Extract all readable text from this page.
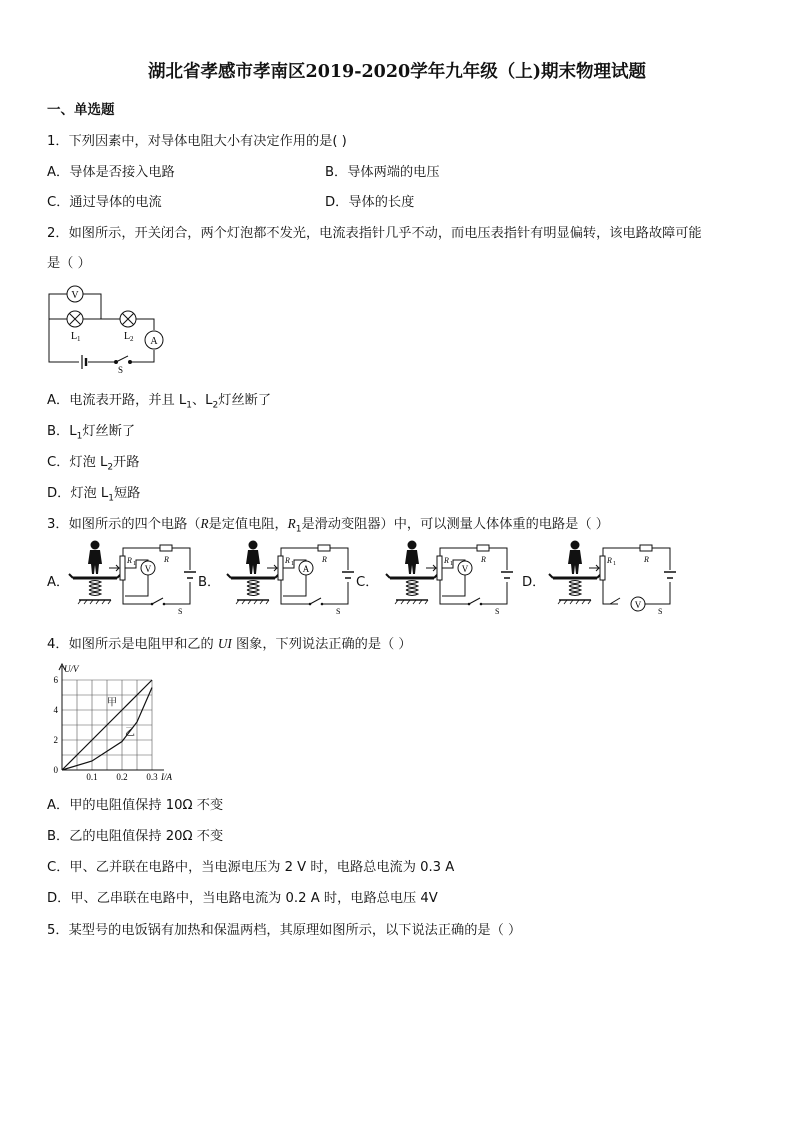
湖北省孝感市孝南区2019-2020学年九年级（上)期末物理试题
一、单选题
1．下列因素中，对导体电阻大小有决定作用的是( )
A．导体是否接入电路	B．导体两端的电压
C．通过导体的电流	D．导体的长度
2．如图所示，开关闭合，两个灯泡都不发光，电流表指针几乎不动，而电压表指针有明显偏转，该电路故障可能
是（ ）
V
A
L 1	L 2
S
A．电流表开路，并且 $L_1$、$L_2$灯丝断了
B．$L_1$灯丝断了
C．灯泡 $L_2$开路
D．灯泡 $L_1$短路
3．如图所示的四个电路（R是定值电阻，$R_1$是滑动变阻器）中，可以测量人体体重的电路是（ ）
A．	B．	C．	D．
V
R 1	R
S
A
R 1	R
S
V
R 1	R
S
V
R 1	R
S
4．如图所示是电阻甲和乙的 UI 图象，下列说法正确的是（ ）
0.1 0.2 0.3
0
2
4
6
I/A
U/V
甲
乙
A．甲的电阻值保持 10Ω 不变
B．乙的电阻值保持 20Ω 不变
C．甲、乙并联在电路中，当电源电压为 2 V 时，电路总电流为 0.3 A
D．甲、乙串联在电路中，当电路电流为 0.2 A 时，电路总电压 4V
5．某型号的电饭锅有加热和保温两档，其原理如图所示，以下说法正确的是（ ）
